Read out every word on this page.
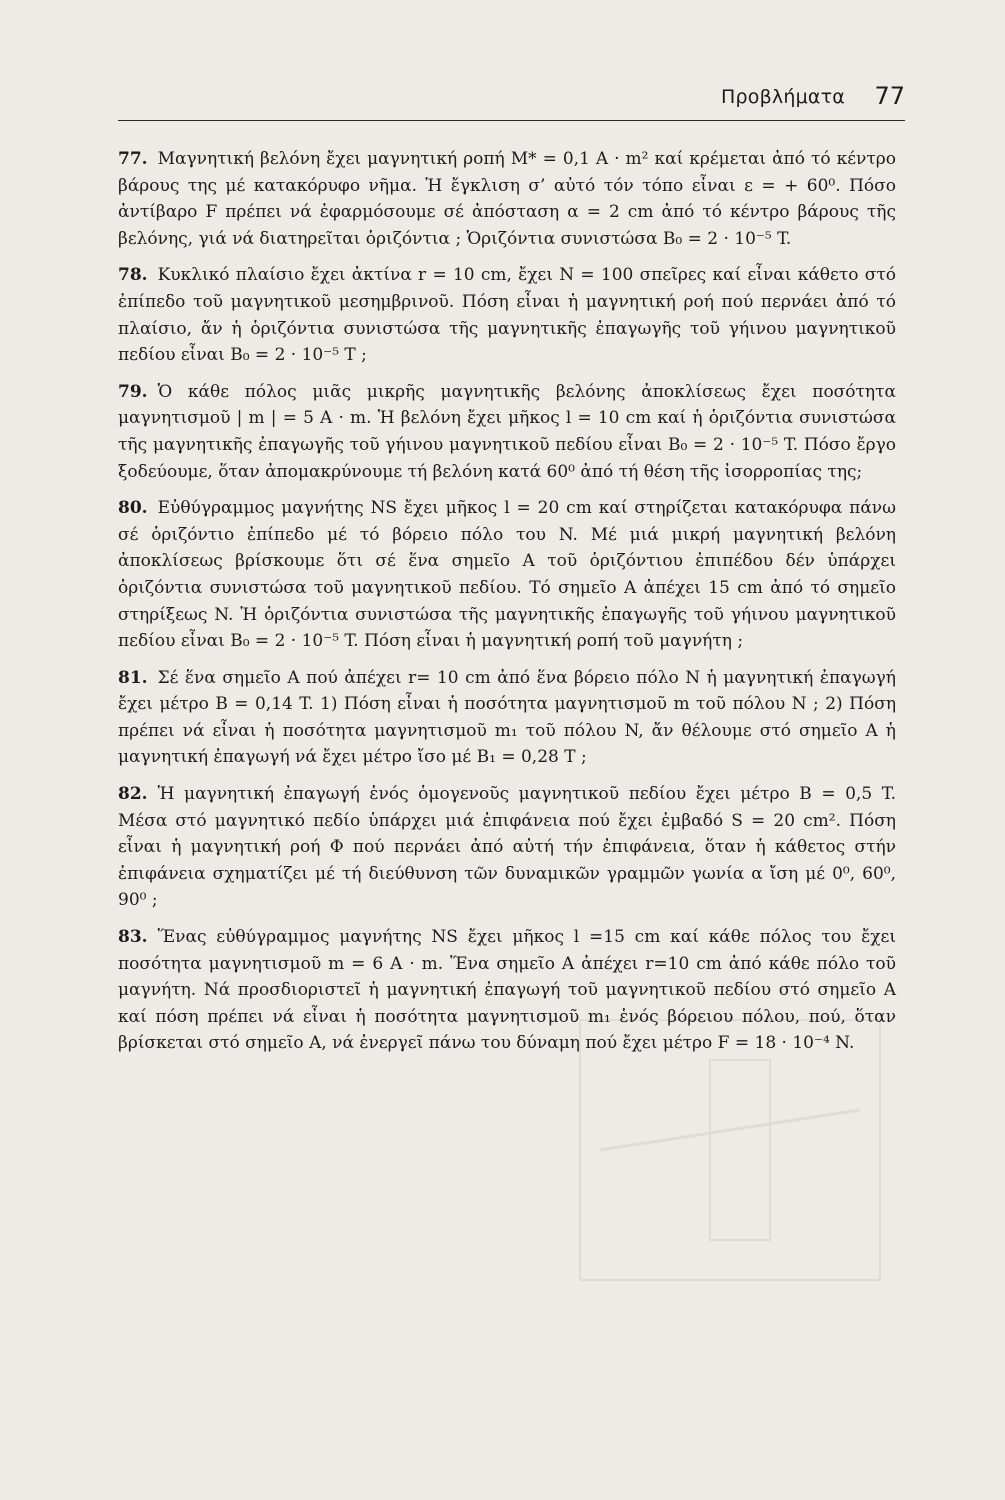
Προβλήματα 77

77. Μαγνητική βελόνη ἔχει μαγνητική ροπή M* = 0,1 A · m² καί κρέμεται ἀπό τό κέντρο βάρους της μέ κατακόρυφο νῆμα. Ἡ ἔγκλιση σ’ αὐτό τόν τόπο εἶναι ε = + 60⁰. Πόσο ἀντίβαρο F πρέπει νά ἐφαρμόσουμε σέ ἀπόσταση α = 2 cm ἀπό τό κέντρο βάρους τῆς βελόνης, γιά νά διατηρεῖται ὁριζόντια ; Ὁριζόντια συνιστώσα B₀ = 2 · 10⁻⁵ T.

78. Κυκλικό πλαίσιο ἔχει ἀκτίνα r = 10 cm, ἔχει N = 100 σπεῖρες καί εἶναι κάθετο στό ἐπίπεδο τοῦ μαγνητικοῦ μεσημβρινοῦ. Πόση εἶναι ἡ μαγνητική ροή πού περνάει ἀπό τό πλαίσιο, ἄν ἡ ὁριζόντια συνιστώσα τῆς μαγνητικῆς ἐπαγωγῆς τοῦ γήινου μαγνητικοῦ πεδίου εἶναι B₀ = 2 · 10⁻⁵ T ;

79. Ὁ κάθε πόλος μιᾶς μικρῆς μαγνητικῆς βελόνης ἀποκλίσεως ἔχει ποσότητα μαγνητισμοῦ | m | = 5 A · m. Ἡ βελόνη ἔχει μῆκος l = 10 cm καί ἡ ὁριζόντια συνιστώσα τῆς μαγνητικῆς ἐπαγωγῆς τοῦ γήινου μαγνητικοῦ πεδίου εἶναι B₀ = 2 · 10⁻⁵ T. Πόσο ἔργο ξοδεύουμε, ὅταν ἀπομακρύνουμε τή βελόνη κατά 60⁰ ἀπό τή θέση τῆς ἰσορροπίας της;

80. Εὐθύγραμμος μαγνήτης NS ἔχει μῆκος l = 20 cm καί στηρίζεται κατακόρυφα πάνω σέ ὁριζόντιο ἐπίπεδο μέ τό βόρειο πόλο του N. Μέ μιά μικρή μαγνητική βελόνη ἀποκλίσεως βρίσκουμε ὅτι σέ ἕνα σημεῖο A τοῦ ὁριζόντιου ἐπιπέδου δέν ὑπάρχει ὁριζόντια συνιστώσα τοῦ μαγνητικοῦ πεδίου. Τό σημεῖο A ἀπέχει 15 cm ἀπό τό σημεῖο στηρίξεως N. Ἡ ὁριζόντια συνιστώσα τῆς μαγνητικῆς ἐπαγωγῆς τοῦ γήινου μαγνητικοῦ πεδίου εἶναι B₀ = 2 · 10⁻⁵ T. Πόση εἶναι ἡ μαγνητική ροπή τοῦ μαγνήτη ;

81. Σέ ἕνα σημεῖο A πού ἀπέχει r= 10 cm ἀπό ἕνα βόρειο πόλο N ἡ μαγνητική ἐπαγωγή ἔχει μέτρο B = 0,14 T. 1) Πόση εἶναι ἡ ποσότητα μαγνητισμοῦ m τοῦ πόλου N ; 2) Πόση πρέπει νά εἶναι ἡ ποσότητα μαγνητισμοῦ m₁ τοῦ πόλου N, ἄν θέλουμε στό σημεῖο A ἡ μαγνητική ἐπαγωγή νά ἔχει μέτρο ἴσο μέ B₁ = 0,28 T ;

82. Ἡ μαγνητική ἐπαγωγή ἑνός ὁμογενοῦς μαγνητικοῦ πεδίου ἔχει μέτρο B = 0,5 T. Μέσα στό μαγνητικό πεδίο ὑπάρχει μιά ἐπιφάνεια πού ἔχει ἐμβαδό S = 20 cm². Πόση εἶναι ἡ μαγνητική ροή Φ πού περνάει ἀπό αὐτή τήν ἐπιφάνεια, ὅταν ἡ κάθετος στήν ἐπιφάνεια σχηματίζει μέ τή διεύθυνση τῶν δυναμικῶν γραμμῶν γωνία α ἴση μέ 0⁰, 60⁰, 90⁰ ;

83. Ἕνας εὐθύγραμμος μαγνήτης NS ἔχει μῆκος l =15 cm καί κάθε πόλος του ἔχει ποσότητα μαγνητισμοῦ m = 6 A · m. Ἕνα σημεῖο A ἀπέχει r=10 cm ἀπό κάθε πόλο τοῦ μαγνήτη. Νά προσδιοριστεῖ ἡ μαγνητική ἐπαγωγή τοῦ μαγνητικοῦ πεδίου στό σημεῖο A καί πόση πρέπει νά εἶναι ἡ ποσότητα μαγνητισμοῦ m₁ ἑνός βόρειου πόλου, πού, ὅταν βρίσκεται στό σημεῖο A, νά ἐνεργεῖ πάνω του δύναμη πού ἔχει μέτρο F = 18 · 10⁻⁴ N.
